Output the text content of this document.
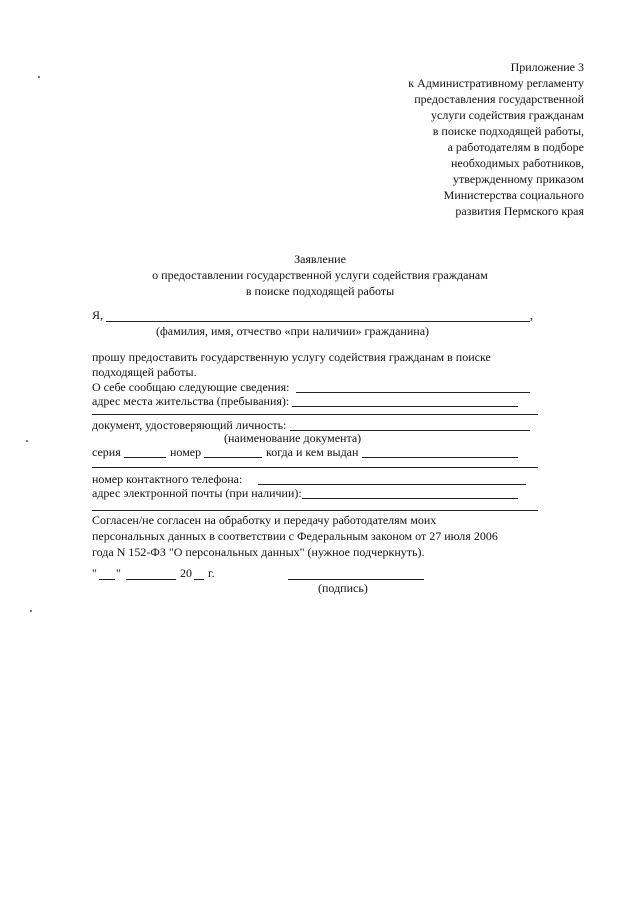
Приложение 3
к Административному регламенту
предоставления государственной
услуги содействия гражданам
в поиске подходящей работы,
а работодателям в подборе
необходимых работников,
утвержденному приказом
Министерства социального
развития Пермского края
Заявление
о предоставлении государственной услуги содействия гражданам
в поиске подходящей работы
Я,	,
(фамилия, имя, отчество «при наличии» гражданина)
прошу предоставить государственную услугу содействия гражданам в поиске
подходящей работы.
О себе сообщаю следующие сведения:
адрес места жительства (пребывания):
документ, удостоверяющий личность:
(наименование документа)
серия	номер	когда и кем выдан
номер контактного телефона:
адрес электронной почты (при наличии):
Согласен/не согласен на обработку и передачу работодателям моих
персональных данных в соответствии с Федеральным законом от 27 июля 2006
года N 152-ФЗ "О персональных данных" (нужное подчеркнуть).
" "	20 г.
(подпись)
